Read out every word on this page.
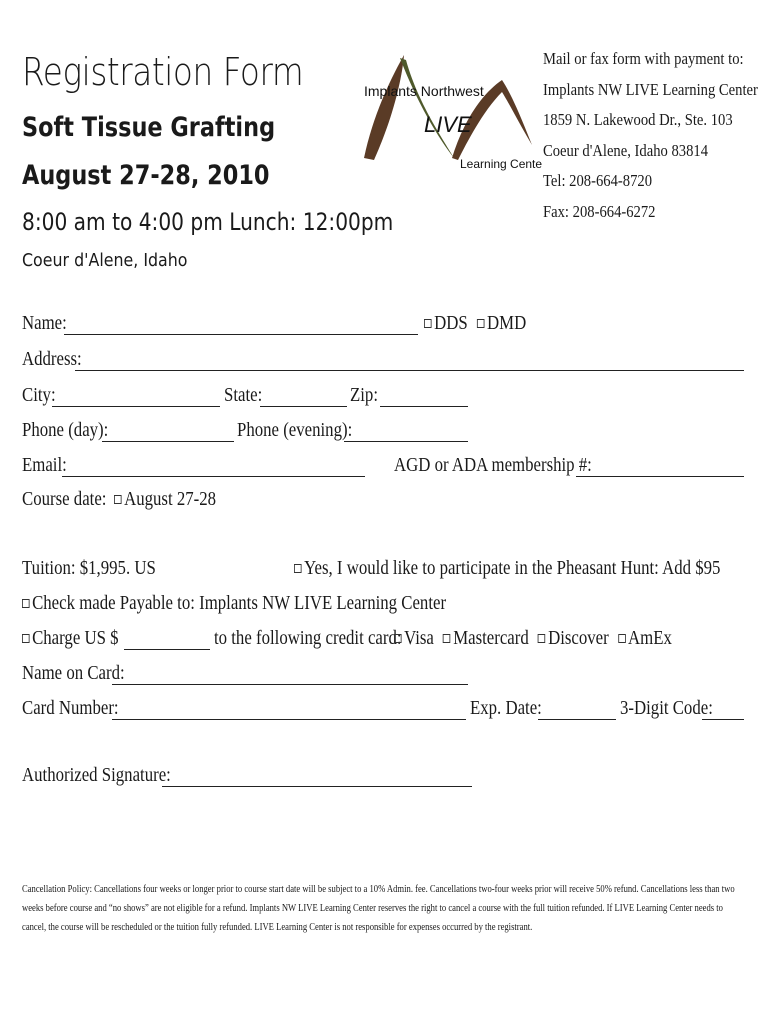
Registration Form
Soft Tissue Grafting
August 27-28, 2010
8:00 am to 4:00 pm Lunch: 12:00pm
Coeur d'Alene, Idaho
Implants Northwest
LIVE
Learning Center
Mail or fax form with payment to:
Implants NW LIVE Learning Center
1859 N. Lakewood Dr., Ste. 103
Coeur d'Alene, Idaho 83814
Tel: 208-664-8720
Fax: 208-664-6272
Name:	DDS DMD
Address:
City:	State:	Zip:
Phone (day):	Phone (evening):
Email:	AGD or ADA membership #:
Course date: August 27-28
Tuition: $1,995. US	Yes, I would like to participate in the Pheasant Hunt: Add $95
Check made Payable to: Implants NW LIVE Learning Center
Charge US $	to the following credit card: Visa Mastercard Discover AmEx
Name on Card:
Card Number:	Exp. Date:	3-Digit Code:
Authorized Signature:
Cancellation Policy: Cancellations four weeks or longer prior to course start date will be subject to a 10% Admin. fee. Cancellations two-four weeks prior will receive 50% refund. Cancellations less than two weeks before course and “no shows” are not eligible for a refund. Implants NW LIVE Learning Center reserves the right to cancel a course with the full tuition refunded. If LIVE Learning Center needs to cancel, the course will be rescheduled or the tuition fully refunded. LIVE Learning Center is not responsible for expenses occurred by the registrant.
